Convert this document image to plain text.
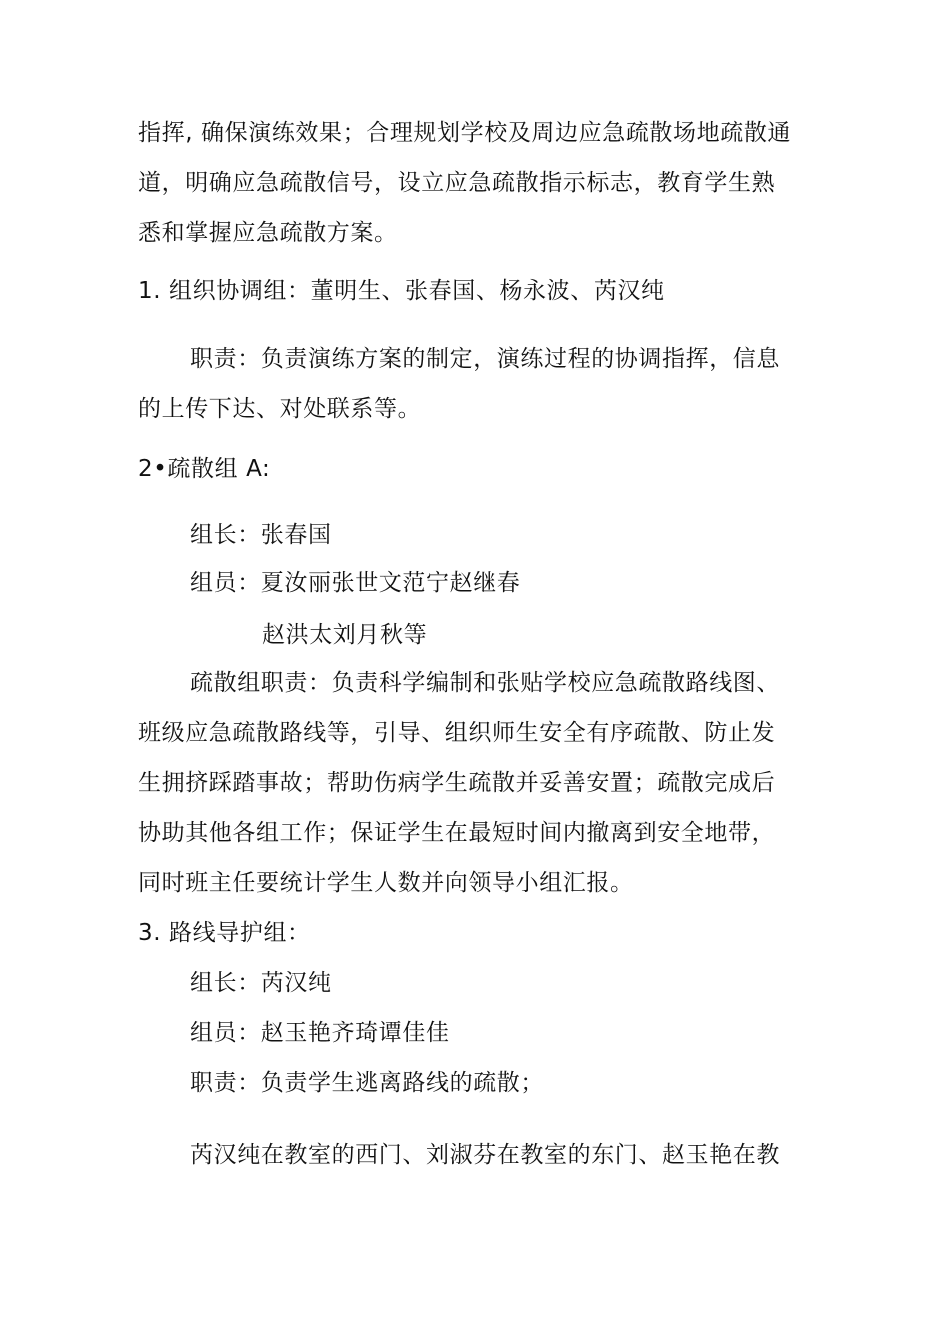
指挥, 确保演练效果；合理规划学校及周边应急疏散场地疏散通
道，明确应急疏散信号，设立应急疏散指示标志，教育学生熟
悉和掌握应急疏散方案。
1. 组织协调组：董明生、张春国、杨永波、芮汉纯
职责：负责演练方案的制定，演练过程的协调指挥，信息
的上传下达、对处联系等。
2•疏散组 A:
组长：张春国
组员：夏汝丽张世文范宁赵继春
赵洪太刘月秋等
疏散组职责：负责科学编制和张贴学校应急疏散路线图、
班级应急疏散路线等，引导、组织师生安全有序疏散、防止发
生拥挤踩踏事故；帮助伤病学生疏散并妥善安置；疏散完成后
协助其他各组工作；保证学生在最短时间内撤离到安全地带，
同时班主任要统计学生人数并向领导小组汇报。
3. 路线导护组：
组长：芮汉纯
组员：赵玉艳齐琦谭佳佳
职责：负责学生逃离路线的疏散；
芮汉纯在教室的西门、刘淑芬在教室的东门、赵玉艳在教
